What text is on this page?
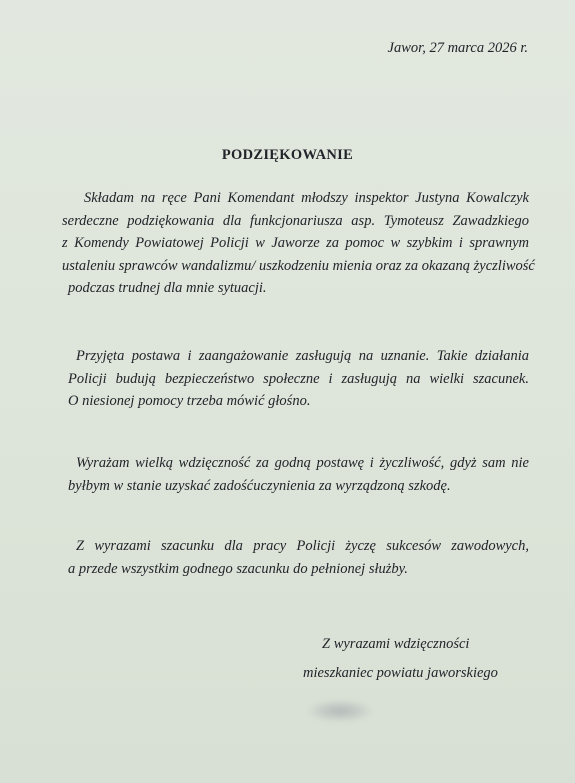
Jawor, 27 marca 2026 r.
PODZIĘKOWANIE
Składam na ręce Pani Komendant młodszy inspektor Justyna Kowalczyk
serdeczne podziękowania dla funkcjonariusza asp. Tymoteusz Zawadzkiego
z Komendy Powiatowej Policji w Jaworze za pomoc w szybkim i sprawnym
ustaleniu sprawców wandalizmu/ uszkodzeniu mienia oraz za okazaną życzliwość
podczas trudnej dla mnie sytuacji.
Przyjęta postawa i zaangażowanie zasługują na uznanie. Takie działania
Policji budują bezpieczeństwo społeczne i zasługują na wielki szacunek.
O niesionej pomocy trzeba mówić głośno.
Wyrażam wielką wdzięczność za godną postawę i życzliwość, gdyż sam nie
byłbym w stanie uzyskać zadośćuczynienia za wyrządzoną szkodę.
Z wyrazami szacunku dla pracy Policji życzę sukcesów zawodowych,
a przede wszystkim godnego szacunku do pełnionej służby.
Z wyrazami wdzięczności
mieszkaniec powiatu jaworskiego
